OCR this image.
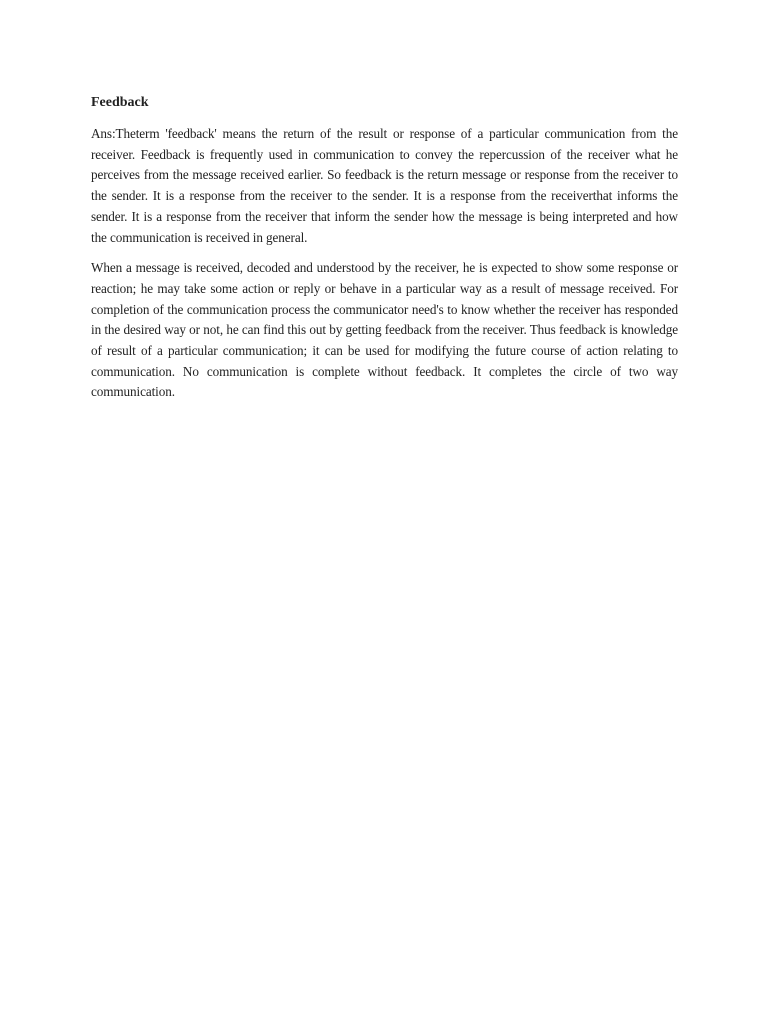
Feedback

Ans:Theterm 'feedback' means the return of the result or response of a particular communication from the receiver. Feedback is frequently used in communication to convey the repercussion of the receiver what he perceives from the message received earlier. So feedback is the return message or response from the receiver to the sender. It is a response from the receiver to the sender. It is a response from the receiverthat informs the sender. It is a response from the receiver that inform the sender how the message is being interpreted and how the communication is received in general.

When a message is received, decoded and understood by the receiver, he is expected to show some response or reaction; he may take some action or reply or behave in a particular way as a result of message received. For completion of the communication process the communicator need's to know whether the receiver has responded in the desired way or not, he can find this out by getting feedback from the receiver. Thus feedback is knowledge of result of a particular communication; it can be used for modifying the future course of action relating to communication. No communication is complete without feedback. It completes the circle of two way communication.
